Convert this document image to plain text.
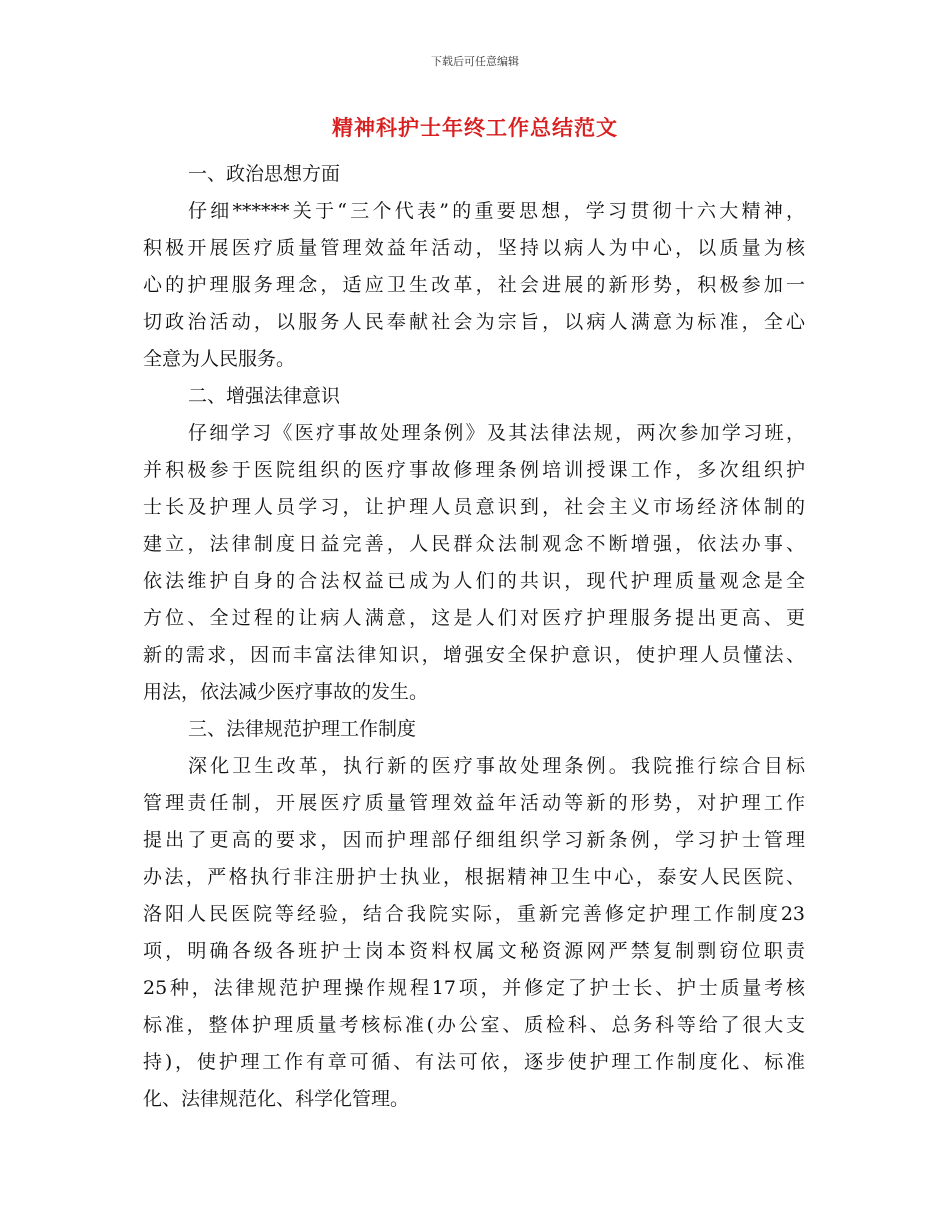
下载后可任意编辑
精神科护士年终工作总结范文
一、政治思想方面
仔细******关于“三个代表”的重要思想，学习贯彻十六大精神，
积极开展医疗质量管理效益年活动，坚持以病人为中心，以质量为核
心的护理服务理念，适应卫生改革，社会进展的新形势，积极参加一
切政治活动，以服务人民奉献社会为宗旨，以病人满意为标准，全心
全意为人民服务。
二、增强法律意识
仔细学习《医疗事故处理条例》及其法律法规，两次参加学习班，
并积极参于医院组织的医疗事故修理条例培训授课工作，多次组织护
士长及护理人员学习，让护理人员意识到，社会主义市场经济体制的
建立，法律制度日益完善，人民群众法制观念不断增强，依法办事、
依法维护自身的合法权益已成为人们的共识，现代护理质量观念是全
方位、全过程的让病人满意，这是人们对医疗护理服务提出更高、更
新的需求，因而丰富法律知识，增强安全保护意识，使护理人员懂法、
用法，依法减少医疗事故的发生。
三、法律规范护理工作制度
深化卫生改革，执行新的医疗事故处理条例。我院推行综合目标
管理责任制，开展医疗质量管理效益年活动等新的形势，对护理工作
提出了更高的要求，因而护理部仔细组织学习新条例，学习护士管理
办法，严格执行非注册护士执业，根据精神卫生中心，泰安人民医院、
洛阳人民医院等经验，结合我院实际，重新完善修定护理工作制度23
项，明确各级各班护士岗本资料权属文秘资源网严禁复制剽窃位职责
25种，法律规范护理操作规程17项，并修定了护士长、护士质量考核
标准，整体护理质量考核标准(办公室、质检科、总务科等给了很大支
持)，使护理工作有章可循、有法可依，逐步使护理工作制度化、标准
化、法律规范化、科学化管理。
